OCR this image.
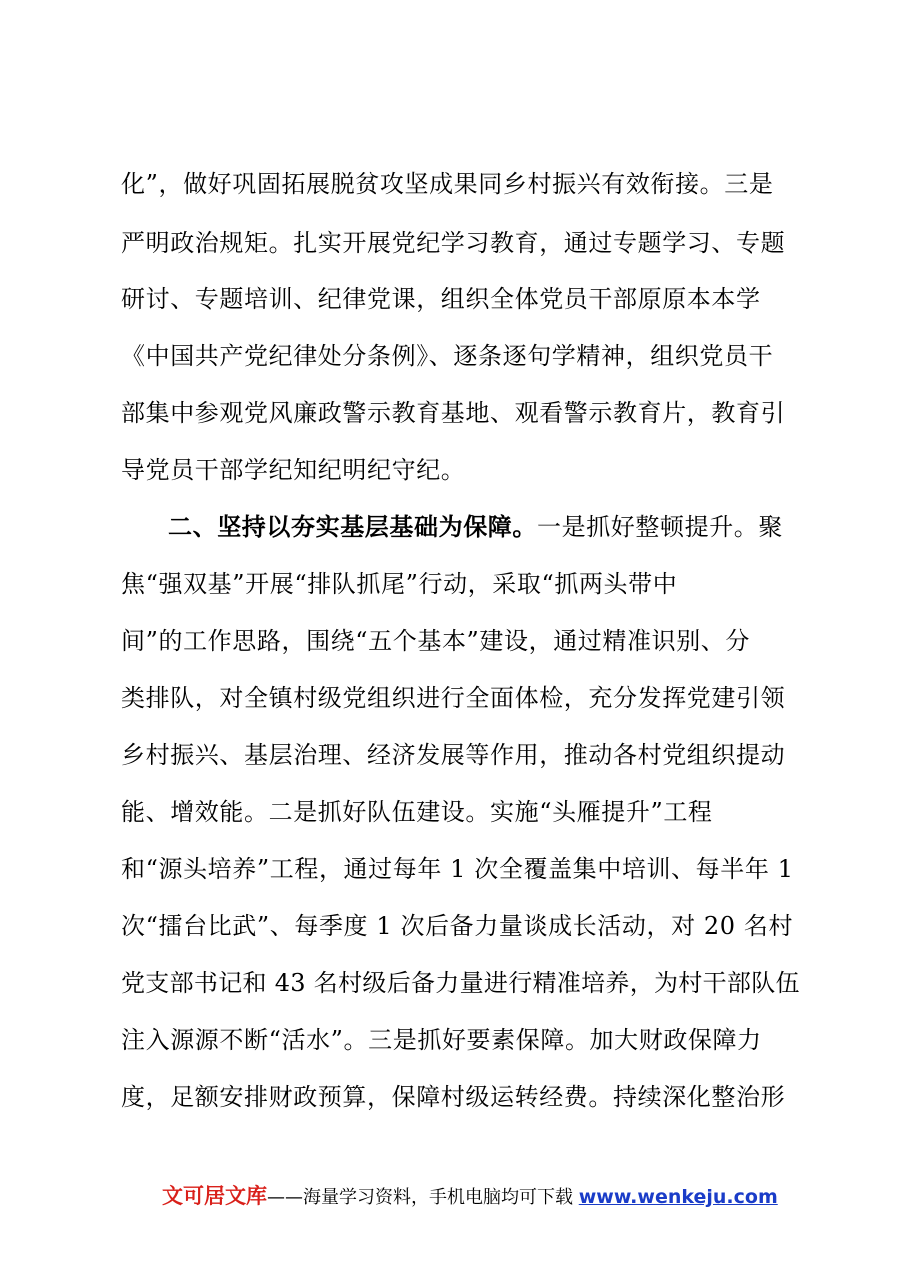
化”，做好巩固拓展脱贫攻坚成果同乡村振兴有效衔接。三是
严明政治规矩。扎实开展党纪学习教育，通过专题学习、专题
研讨、专题培训、纪律党课，组织全体党员干部原原本本学
《中国共产党纪律处分条例》、逐条逐句学精神，组织党员干
部集中参观党风廉政警示教育基地、观看警示教育片，教育引
导党员干部学纪知纪明纪守纪。
二、坚持以夯实基层基础为保障。一是抓好整顿提升。聚
焦“强双基”开展“排队抓尾”行动，采取“抓两头带中
间”的工作思路，围绕“五个基本”建设，通过精准识别、分
类排队，对全镇村级党组织进行全面体检，充分发挥党建引领
乡村振兴、基层治理、经济发展等作用，推动各村党组织提动
能、增效能。二是抓好队伍建设。实施“头雁提升”工程
和“源头培养”工程，通过每年 1 次全覆盖集中培训、每半年 1
次“擂台比武”、每季度 1 次后备力量谈成长活动，对 20 名村
党支部书记和 43 名村级后备力量进行精准培养，为村干部队伍
注入源源不断“活水”。三是抓好要素保障。加大财政保障力
度，足额安排财政预算，保障村级运转经费。持续深化整治形
文可居文库——海量学习资料，手机电脑均可下载 www.wenkeju.com
